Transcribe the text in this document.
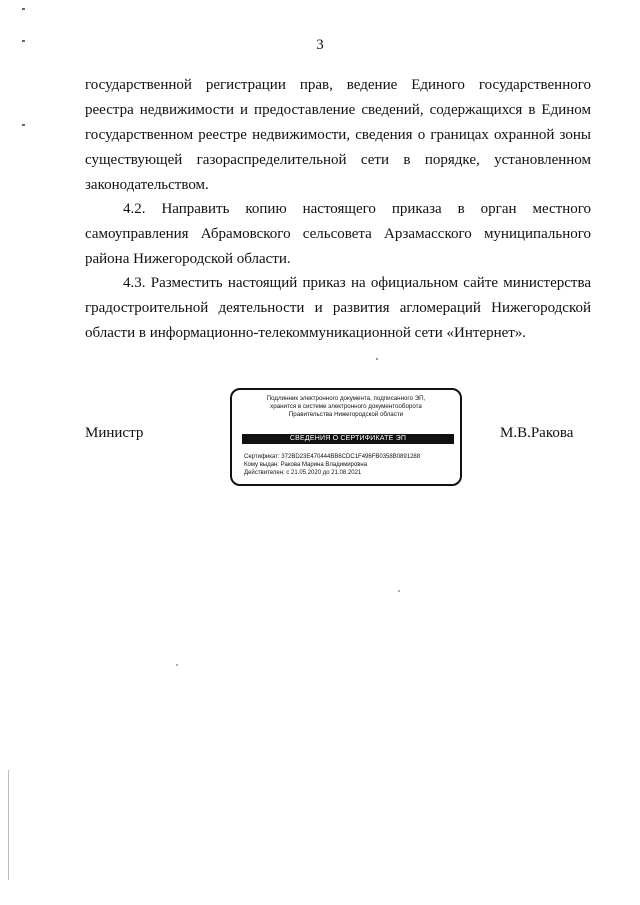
3

государственной регистрации прав, ведение Единого государственного реестра недвижимости и предоставление сведений, содержащихся в Едином государственном реестре недвижимости, сведения о границах охранной зоны существующей газораспределительной сети в порядке, установленном законодательством.

4.2. Направить копию настоящего приказа в орган местного самоуправления Абрамовского сельсовета Арзамасского муниципального района Нижегородской области.

4.3. Разместить настоящий приказ на официальном сайте министерства градостроительной деятельности и развития агломераций Нижегородской области в информационно-телекоммуникационной сети «Интернет».

Министр
Подлинник электронного документа, подписанного ЭП,
хранится в системе электронного документооборота
Правительства Нижегородской области
СВЕДЕНИЯ О СЕРТИФИКАТЕ ЭП
Сертификат: 372BD23E470444BB6CDC1F496FB0358B0891288
Кому выдан: Ракова Марина Владимировна
Действителен: с 21.05.2020 до 21.08.2021
М.В.Ракова
